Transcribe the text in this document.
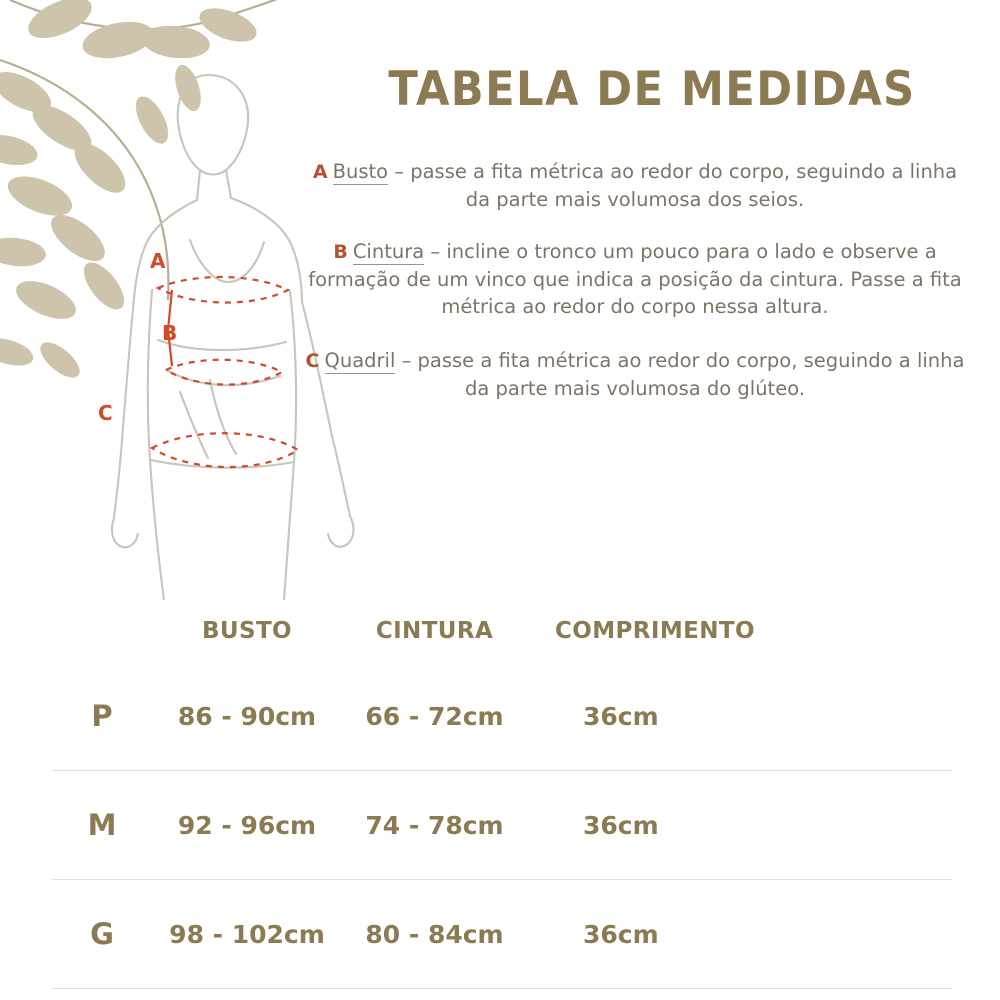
A
B
C
TABELA DE MEDIDAS
A Busto – passe a fita métrica ao redor do corpo, seguindo a linha da parte mais volumosa dos seios.
B Cintura – incline o tronco um pouco para o lado e observe a formação de um vinco que indica a posição da cintura. Passe a fita métrica ao redor do corpo nessa altura.
C Quadril – passe a fita métrica ao redor do corpo, seguindo a linha da parte mais volumosa do glúteo.
BUSTO	CINTURA	COMPRIMENTO
P	86 - 90cm	66 - 72cm	36cm
M	92 - 96cm	74 - 78cm	36cm
G	98 - 102cm	80 - 84cm	36cm
